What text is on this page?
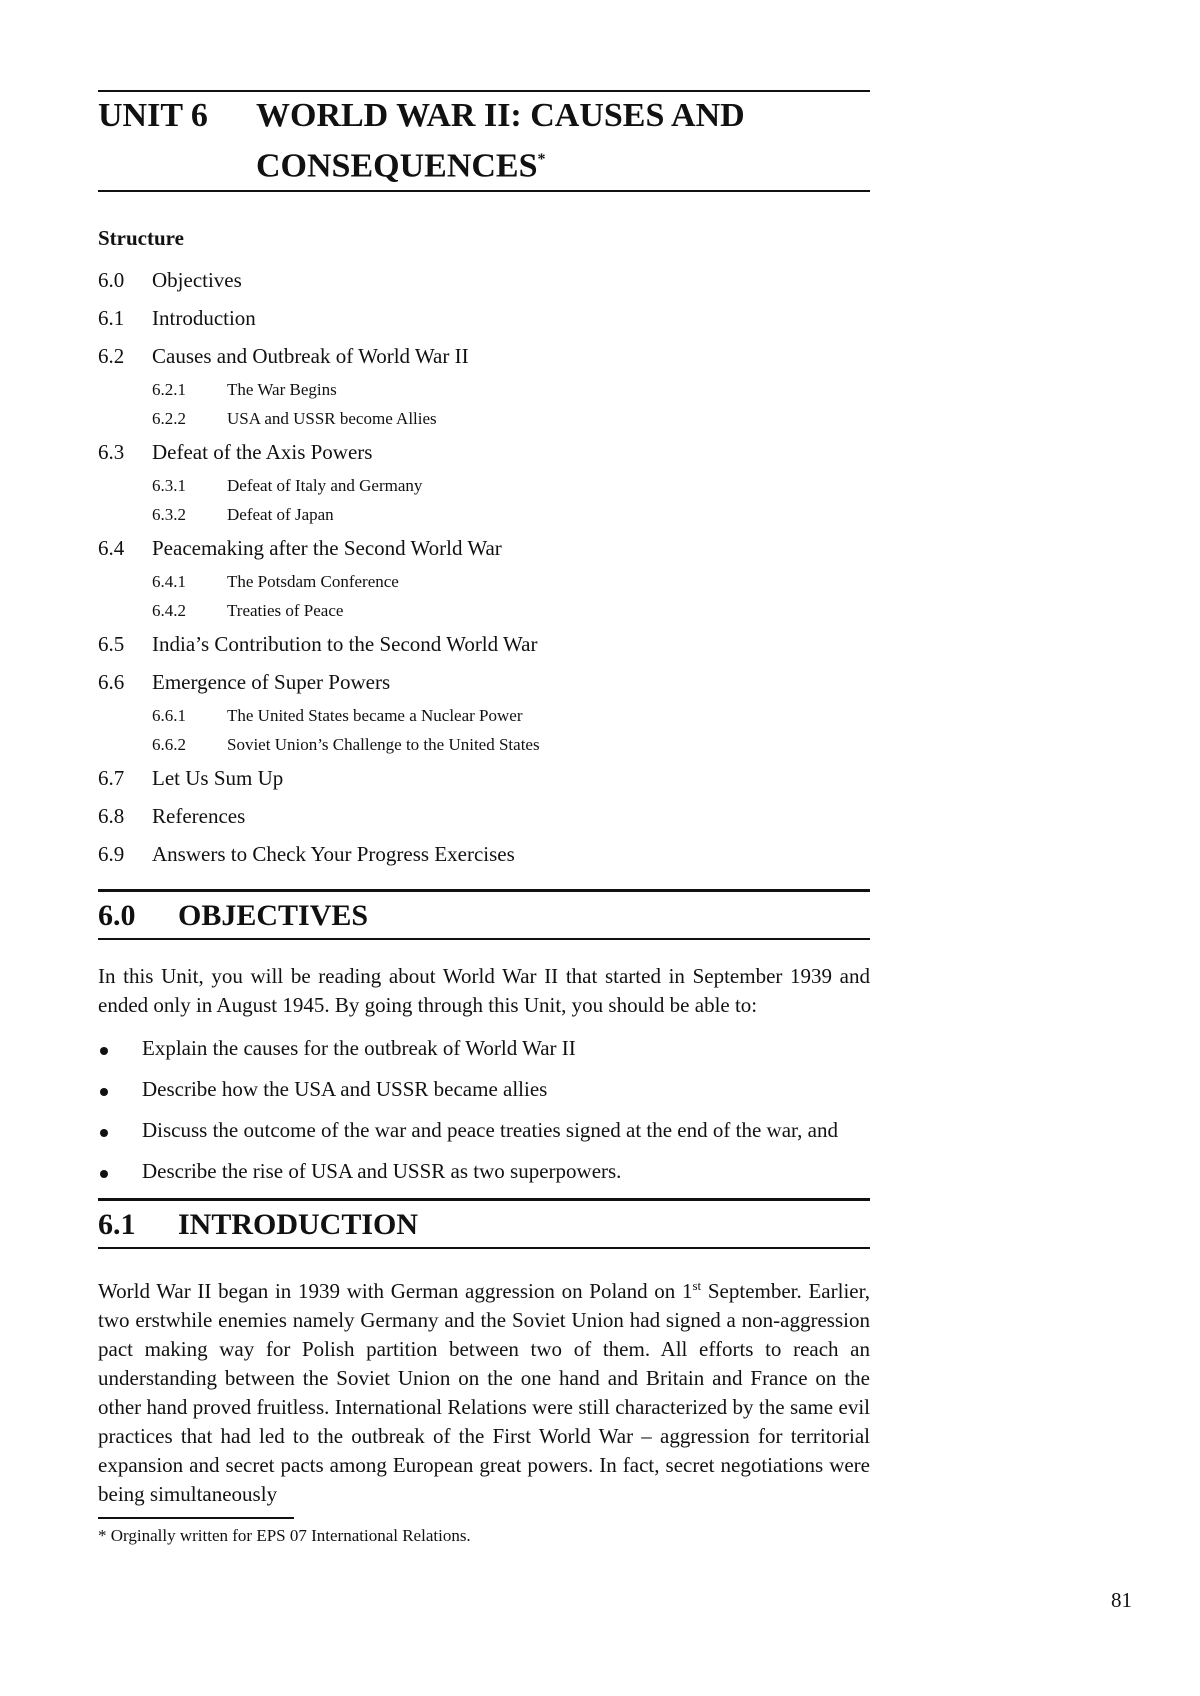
UNIT 6	WORLD WAR II: CAUSES AND
CONSEQUENCES*
Structure
6.0	Objectives
6.1	Introduction
6.2	Causes and Outbreak of World War II
6.2.1	The War Begins
6.2.2	USA and USSR become Allies
6.3	Defeat of the Axis Powers
6.3.1	Defeat of Italy and Germany
6.3.2	Defeat of Japan
6.4	Peacemaking after the Second World War
6.4.1	The Potsdam Conference
6.4.2	Treaties of Peace
6.5	India’s Contribution to the Second World War
6.6	Emergence of Super Powers
6.6.1	The United States became a Nuclear Power
6.6.2	Soviet Union’s Challenge to the United States
6.7	Let Us Sum Up
6.8	References
6.9	Answers to Check Your Progress Exercises
6.0	OBJECTIVES

In this Unit, you will be reading about World War II that started in September 1939 and ended only in August 1945. By going through this Unit, you should be able to:

Explain the causes for the outbreak of World War II
Describe how the USA and USSR became allies
Discuss the outcome of the war and peace treaties signed at the end of the war, and
Describe the rise of USA and USSR as two superpowers.
6.1	INTRODUCTION

World War II began in 1939 with German aggression on Poland on 1st September. Earlier, two erstwhile enemies namely Germany and the Soviet Union had signed a non-aggression pact making way for Polish partition between two of them. All efforts to reach an understanding between the Soviet Union on the one hand and Britain and France on the other hand proved fruitless. International Relations were still characterized by the same evil practices that had led to the outbreak of the First World War – aggression for territorial expansion and secret pacts among European great powers. In fact, secret negotiations were being simultaneously

* Orginally written for EPS 07 International Relations.
81
